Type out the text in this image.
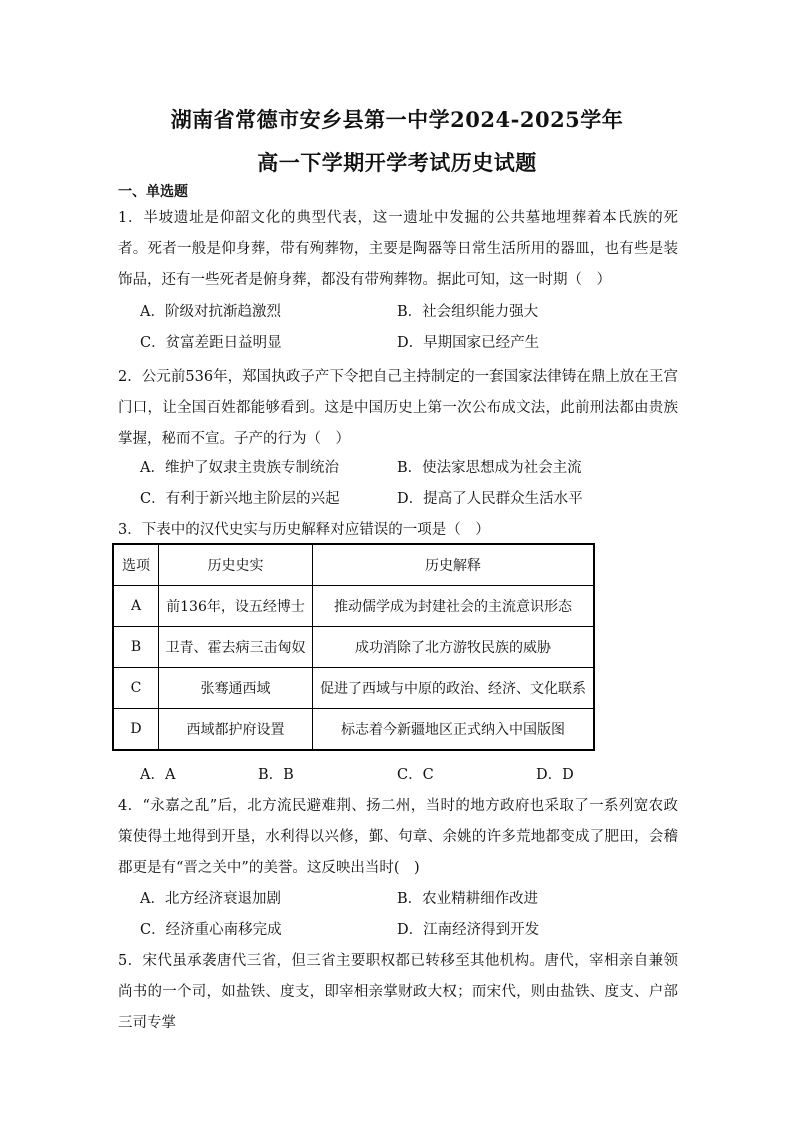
湖南省常德市安乡县第一中学2024-2025学年
高一下学期开学考试历史试题
一、单选题
1．半坡遗址是仰韶文化的典型代表，这一遗址中发掘的公共墓地埋葬着本氏族的死者。死者一般是仰身葬，带有殉葬物，主要是陶器等日常生活所用的器皿，也有些是装饰品，还有一些死者是俯身葬，都没有带殉葬物。据此可知，这一时期（　）
A．阶级对抗渐趋激烈	B．社会组织能力强大
C．贫富差距日益明显	D．早期国家已经产生
2．公元前536年，郑国执政子产下令把自己主持制定的一套国家法律铸在鼎上放在王宫门口，让全国百姓都能够看到。这是中国历史上第一次公布成文法，此前刑法都由贵族掌握，秘而不宣。子产的行为（　）
A．维护了奴隶主贵族专制统治	B．使法家思想成为社会主流
C．有利于新兴地主阶层的兴起	D．提高了人民群众生活水平
3．下表中的汉代史实与历史解释对应错误的一项是（　）
选项	历史史实	历史解释
A	前136年，设五经博士	推动儒学成为封建社会的主流意识形态
B	卫青、霍去病三击匈奴	成功消除了北方游牧民族的威胁
C	张骞通西域	促进了西域与中原的政治、经济、文化联系
D	西域都护府设置	标志着今新疆地区正式纳入中国版图
A．A	B．B	C．C	D．D
4．“永嘉之乱”后，北方流民避难荆、扬二州，当时的地方政府也采取了一系列宽农政策使得土地得到开垦，水利得以兴修，鄞、句章、余姚的许多荒地都变成了肥田，会稽郡更是有“晋之关中”的美誉。这反映出当时(　)
A．北方经济衰退加剧	B．农业精耕细作改进
C．经济重心南移完成	D．江南经济得到开发
5．宋代虽承袭唐代三省，但三省主要职权都已转移至其他机构。唐代，宰相亲自兼领尚书的一个司，如盐铁、度支，即宰相亲掌财政大权；而宋代，则由盐铁、度支、户部三司专掌
